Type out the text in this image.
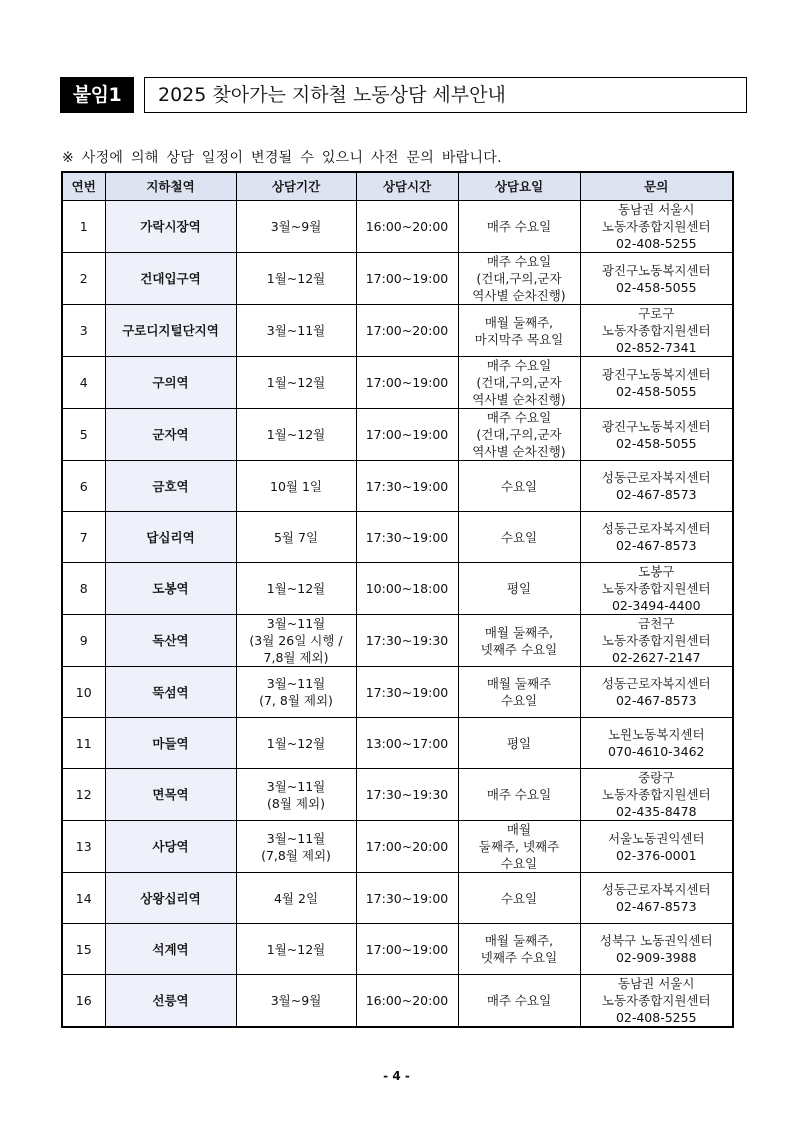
붙임1	2025 찾아가는 지하철 노동상담 세부안내
※ 사정에 의해 상담 일정이 변경될 수 있으니 사전 문의 바랍니다.
연번	지하철역	상담기간	상담시간	상담요일	문의
1	가락시장역	3월~9월	16:00~20:00	매주 수요일	동남권 서울시
노동자종합지원센터
02-408-5255
2	건대입구역	1월~12월	17:00~19:00	매주 수요일
(건대,구의,군자
역사별 순차진행)	광진구노동복지센터
02-458-5055
3	구로디지털단지역	3월~11월	17:00~20:00	매월 둘째주,
마지막주 목요일	구로구
노동자종합지원센터
02-852-7341
4	구의역	1월~12월	17:00~19:00	매주 수요일
(건대,구의,군자
역사별 순차진행)	광진구노동복지센터
02-458-5055
5	군자역	1월~12월	17:00~19:00	매주 수요일
(건대,구의,군자
역사별 순차진행)	광진구노동복지센터
02-458-5055
6	금호역	10월 1일	17:30~19:00	수요일	성동근로자복지센터
02-467-8573
7	답십리역	5월 7일	17:30~19:00	수요일	성동근로자복지센터
02-467-8573
8	도봉역	1월~12월	10:00~18:00	평일	도봉구
노동자종합지원센터
02-3494-4400
9	독산역	3월~11월
(3월 26일 시행 /
7,8월 제외)	17:30~19:30	매월 둘째주,
넷째주 수요일	금천구
노동자종합지원센터
02-2627-2147
10	뚝섬역	3월~11월
(7, 8월 제외)	17:30~19:00	매월 둘째주
수요일	성동근로자복지센터
02-467-8573
11	마들역	1월~12월	13:00~17:00	평일	노원노동복지센터
070-4610-3462
12	면목역	3월~11월
(8월 제외)	17:30~19:30	매주 수요일	중랑구
노동자종합지원센터
02-435-8478
13	사당역	3월~11월
(7,8월 제외)	17:00~20:00	매월
둘째주, 넷째주
수요일	서울노동권익센터
02-376-0001
14	상왕십리역	4월 2일	17:30~19:00	수요일	성동근로자복지센터
02-467-8573
15	석계역	1월~12월	17:00~19:00	매월 둘째주,
넷째주 수요일	성북구 노동권익센터
02-909-3988
16	선릉역	3월~9월	16:00~20:00	매주 수요일	동남권 서울시
노동자종합지원센터
02-408-5255
- 4 -
